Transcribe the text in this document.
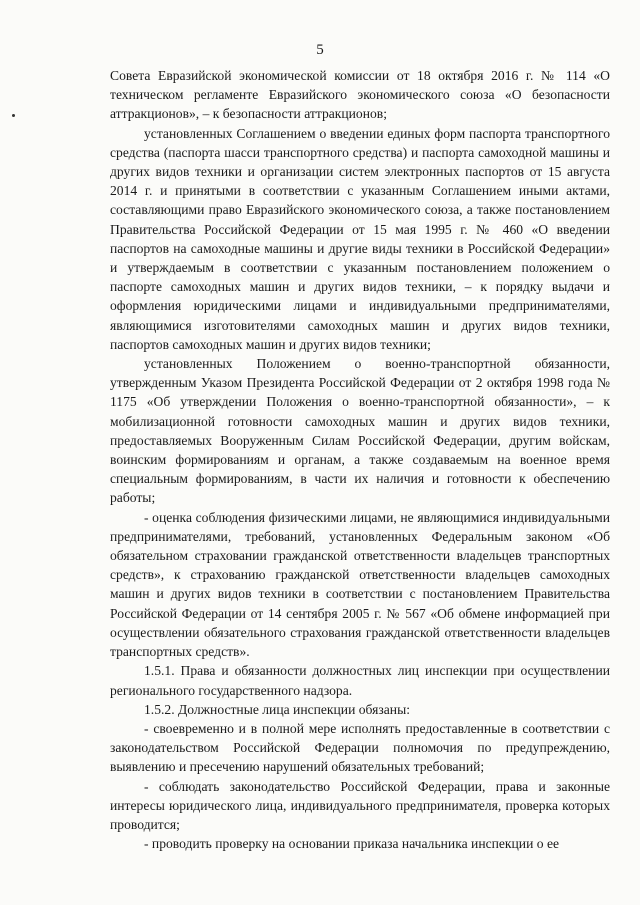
5

Совета Евразийской экономической комиссии от 18 октября 2016 г. № 114 «О техническом регламенте Евразийского экономического союза «О безопасности аттракционов», – к безопасности аттракционов;

установленных Соглашением о введении единых форм паспорта транспортного средства (паспорта шасси транспортного средства) и паспорта самоходной машины и других видов техники и организации систем электронных паспортов от 15 августа 2014 г. и принятыми в соответствии с указанным Соглашением иными актами, составляющими право Евразийского экономического союза, а также постановлением Правительства Российской Федерации от 15 мая 1995 г. № 460 «О введении паспортов на самоходные машины и другие виды техники в Российской Федерации» и утверждаемым в соответствии с указанным постановлением положением о паспорте самоходных машин и других видов техники, – к порядку выдачи и оформления юридическими лицами и индивидуальными предпринимателями, являющимися изготовителями самоходных машин и других видов техники, паспортов самоходных машин и других видов техники;

установленных Положением о военно-транспортной обязанности, утвержденным Указом Президента Российской Федерации от 2 октября 1998 года № 1175 «Об утверждении Положения о военно-транспортной обязанности», – к мобилизационной готовности самоходных машин и других видов техники, предоставляемых Вооруженным Силам Российской Федерации, другим войскам, воинским формированиям и органам, а также создаваемым на военное время специальным формированиям, в части их наличия и готовности к обеспечению работы;

- оценка соблюдения физическими лицами, не являющимися индивидуальными предпринимателями, требований, установленных Федеральным законом «Об обязательном страховании гражданской ответственности владельцев транспортных средств», к страхованию гражданской ответственности владельцев самоходных машин и других видов техники в соответствии с постановлением Правительства Российской Федерации от 14 сентября 2005 г. № 567 «Об обмене информацией при осуществлении обязательного страхования гражданской ответственности владельцев транспортных средств».

1.5.1. Права и обязанности должностных лиц инспекции при осуществлении регионального государственного надзора.

1.5.2. Должностные лица инспекции обязаны:

- своевременно и в полной мере исполнять предоставленные в соответствии с законодательством Российской Федерации полномочия по предупреждению, выявлению и пресечению нарушений обязательных требований;

- соблюдать законодательство Российской Федерации, права и законные интересы юридического лица, индивидуального предпринимателя, проверка которых проводится;

- проводить проверку на основании приказа начальника инспекции о ее
